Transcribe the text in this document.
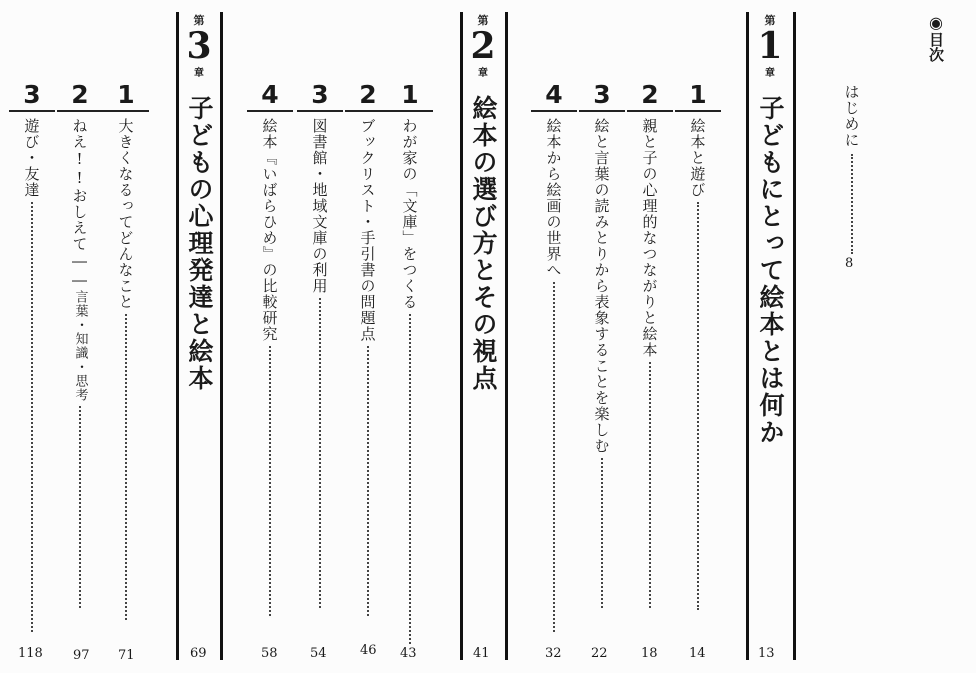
◉
目次
はじめに
8
第
1
章
子どもにとって絵本とは何か
13
1
絵本と遊び
14
2
親と子の心理的なつながりと絵本
18
3
絵と言葉の読みとりから表象することを楽しむ
22
4
絵本から絵画の世界へ
32
第
2
章
絵本の選び方とその視点
41
1
わが家の「文庫」をつくる
43
2
ブックリスト・手引書の問題点
46
3
図書館・地域文庫の利用
54
4
絵本『いばらひめ』の比較研究
58
第
3
章
子どもの心理発達と絵本
69
1
大きくなるってどんなこと
71
2
ねえ!!おしえて――言葉・知識・思考
97
3
遊び・友達
118
